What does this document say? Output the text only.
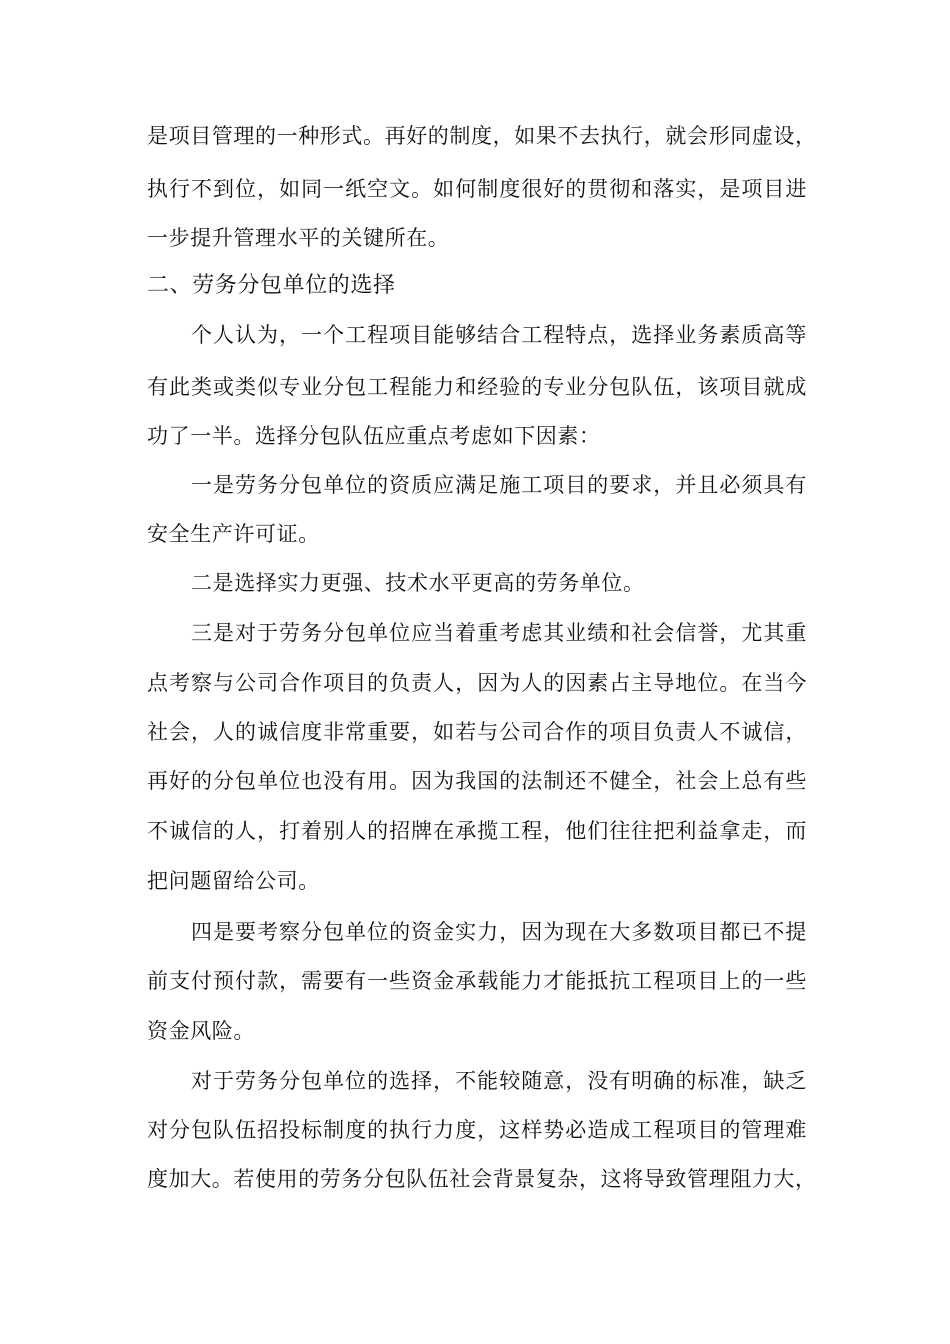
是项目管理的一种形式。再好的制度，如果不去执行，就会形同虚设，
执行不到位，如同一纸空文。如何制度很好的贯彻和落实，是项目进
一步提升管理水平的关键所在。
二、劳务分包单位的选择
个人认为，一个工程项目能够结合工程特点，选择业务素质高等
有此类或类似专业分包工程能力和经验的专业分包队伍，该项目就成
功了一半。选择分包队伍应重点考虑如下因素：
一是劳务分包单位的资质应满足施工项目的要求，并且必须具有
安全生产许可证。
二是选择实力更强、技术水平更高的劳务单位。
三是对于劳务分包单位应当着重考虑其业绩和社会信誉，尤其重
点考察与公司合作项目的负责人，因为人的因素占主导地位。在当今
社会，人的诚信度非常重要，如若与公司合作的项目负责人不诚信，
再好的分包单位也没有用。因为我国的法制还不健全，社会上总有些
不诚信的人，打着别人的招牌在承揽工程，他们往往把利益拿走，而
把问题留给公司。
四是要考察分包单位的资金实力，因为现在大多数项目都已不提
前支付预付款，需要有一些资金承载能力才能抵抗工程项目上的一些
资金风险。
对于劳务分包单位的选择，不能较随意，没有明确的标准，缺乏
对分包队伍招投标制度的执行力度，这样势必造成工程项目的管理难
度加大。若使用的劳务分包队伍社会背景复杂，这将导致管理阻力大，
